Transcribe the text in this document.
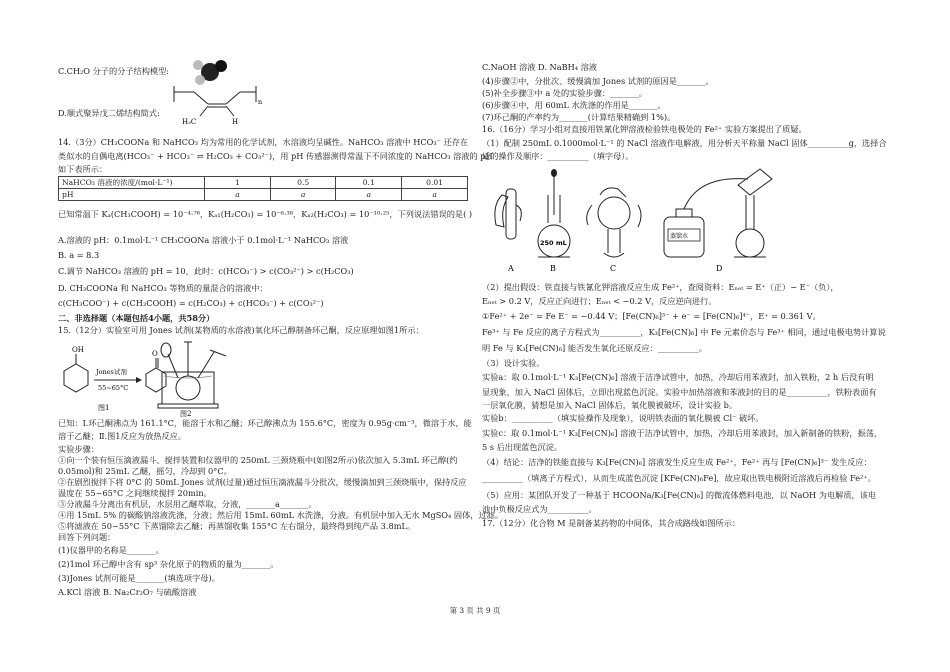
C.CH₂O 分子的分子结构模型:
D.顺式聚异戊二烯结构简式:
14.（3分）CH₃COONa 和 NaHCO₃ 均为常用的化学试剂，水溶液均呈碱性。NaHCO₃ 溶液中 HCO₃⁻ 还存在
类似水的自偶电离(HCO₃⁻ + HCO₃⁻ ⇌ H₂CO₃ + CO₃²⁻)，用 pH 传感器测得常温下不同浓度的 NaHCO₃ 溶液的 pH
如下表所示：
NaHCO₃ 溶液的浓度/(mol·L⁻¹)	1	0.5	0.1	0.01
pH	a	a	a	a
已知常温下 Kₐ(CH₃COOH) = 10⁻⁴·⁷⁶，Kₐ₁(H₂CO₃) = 10⁻⁶·³⁸，Kₐ₂(H₂CO₃) = 10⁻¹⁰·²⁵，下列说法错误的是( )
A.溶液的 pH：0.1mol·L⁻¹ CH₃COONa 溶液小于 0.1mol·L⁻¹ NaHCO₃ 溶液
B. a = 8.3
C.调节 NaHCO₃ 溶液的 pH = 10，此时：c(HCO₃⁻) > c(CO₃²⁻) > c(H₂CO₃)
D. CH₃COONa 和 NaHCO₃ 等物质的量混合的溶液中：
c(CH₃COO⁻) + c(CH₃COOH) = c(H₂CO₃) + c(HCO₃⁻) + c(CO₃²⁻)
二、非选择题（本题包括4小题，共58分）
15.（12分）实验室可用 Jones 试剂(某物质的水溶液)氧化环己醇制备环己酮，反应原理如图1所示：
已知：Ⅰ.环己酮沸点为 161.1°C，能溶于水和乙醚；环己醇沸点为 155.6°C，密度为 0.95g·cm⁻³，微溶于水，能
溶于乙醚；Ⅱ.图1反应为放热反应。
实验步骤：
①向一个装有恒压滴液漏斗、搅拌装置和仪器甲的 250mL 三颈烧瓶中(如图2所示)依次加入 5.3mL 环己醇(约
0.05mol)和 25mL 乙醚，摇匀，冷却到 0°C。
②在剧烈搅拌下将 0°C 的 50mL Jones 试剂(过量)通过恒压滴液漏斗分批次，缓慢滴加到三颈烧瓶中，保持反应
温度在 55~65°C 之间继续搅拌 20min。
③分液漏斗分离出有机层，水层用乙醚萃取，分液，_______a_______。
④用 15mL 5% 的碳酸钠溶液洗涤，分液；然后用 15mL 60mL 水洗涤，分液。有机层中加入无水 MgSO₄ 固体，过滤。
⑤将滤液在 50~55°C 下蒸馏除去乙醚；再蒸馏收集 155°C 左右馏分，最终得到纯产品 3.8mL。
回答下列问题：
(1)仪器甲的名称是_______。
(2)1mol 环己醇中含有 sp³ 杂化原子的物质的量为_______。
(3)Jones 试剂可能是_______(填选项字母)。
A.KCl 溶液 B. Na₂Cr₂O₇ 与硫酸溶液
H₃C	H
n
OH
Jones试剂
55~65°C
O
图1
图2
C.NaOH 溶液 D. NaBH₄ 溶液
(4)步骤②中，分批次、缓慢滴加 Jones 试剂的原因是_______。
(5)补全步骤③中 a 处的实验步骤：_______。
(6)步骤④中，用 60mL 水洗涤的作用是_______。
(7)环己酮的产率约为_______(计算结果精确到 1%)。
16.（16分）学习小组对直接用铁氰化钾溶液检验铁电极处的 Fe²⁺ 实验方案提出了质疑。
（1）配制 250mL 0.1000mol·L⁻¹ 的 NaCl 溶液作电解液，用分析天平称量 NaCl 固体__________g，选择合
适的操作及顺序：__________（填字母）。
（2）提出假设：铁直接与铁氰化钾溶液反应生成 Fe²⁺，查阅资料：Eₙₑₜ = E⁺（正）− E⁻（负），
Eₙₑₜ > 0.2 V，反应正向进行；Eₙₑₜ < −0.2 V，反应逆向进行。
①Fe²⁺ + 2e⁻ = Fe E⁻ = −0.44 V；[Fe(CN)₆]³⁻ + e⁻ = [Fe(CN)₆]⁴⁻，E⁺ = 0.361 V。
Fe³⁺ 与 Fe 反应的离子方程式为__________，K₃[Fe(CN)₆] 中 Fe 元素价态与 Fe³⁺ 相同，通过电极电势计算说
明 Fe 与 K₃[Fe(CN)₆] 能否发生氧化还原反应：__________。
（3）设计实验。
实验a：取 0.1mol·L⁻¹ K₃[Fe(CN)₆] 溶液于洁净试管中，加热，冷却后用苯液封，加入铁粉，2 h 后没有明
显现象，加入 NaCl 固体后，立即出现蓝色沉淀。实验中加热溶液和苯液封的目的是__________，铁粉表面有
一层氧化膜，猜想是加入 NaCl 固体后，氧化膜被破坏，设计实验 b。
实验b：__________（填实验操作及现象），说明铁表面的氧化膜被 Cl⁻ 破坏。
实验c：取 0.1mol·L⁻¹ K₃[Fe(CN)₆] 溶液于洁净试管中，加热，冷却后用苯液封，加入新制备的铁粉，振荡，
5 s 后出现蓝色沉淀。
（4）结论：洁净的铁能直接与 K₃[Fe(CN)₆] 溶液发生反应生成 Fe²⁺，Fe²⁺ 再与 [Fe(CN)₆]³⁻ 发生反应：
__________（填离子方程式），从而生成蓝色沉淀 [KFe(CN)₆Fe]，故应取出铁电极附近溶液后再检验 Fe²⁺。
（5）应用：某团队开发了一种基于 HCOONa/K₃[Fe(CN)₆] 的微流体燃料电池，以 NaOH 为电解质，该电
池中负极反应式为__________。
17.（12分）化合物 M 是制备某药物的中间体，其合成路线如图所示：
A
250 mL
B	C
蒸馏水
D
第 3 页 共 9 页
